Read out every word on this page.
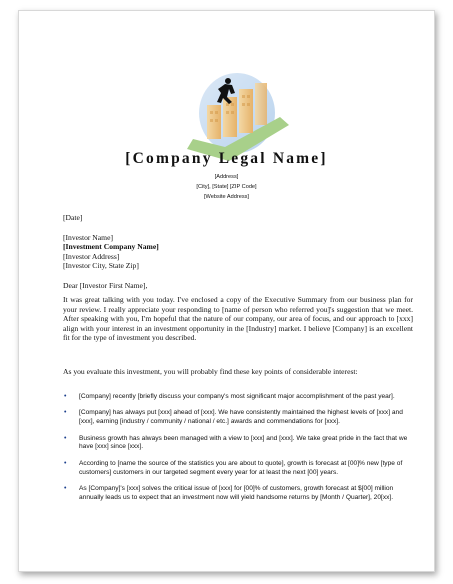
[Company Legal Name]
[Address]
[City], [State] [ZIP Code]
[Website Address]
[Date]
[Investor Name]
[Investment Company Name]
[Investor Address]
[Investor City, State Zip]
Dear [Investor First Name],
It was great talking with you today. I've enclosed a copy of the Executive Summary from our business plan for your review. I really appreciate your responding to [name of person who referred you]'s suggestion that we meet. After speaking with you, I'm hopeful that the nature of our company, our area of focus, and our approach to [xxx] align with your interest in an investment opportunity in the [Industry] market. I believe [Company] is an excellent fit for the type of investment you described.
As you evaluate this investment, you will probably find these key points of considerable interest:
• [Company] recently [briefly discuss your company's most significant major accomplishment of the past year].
• [Company] has always put [xxx] ahead of [xxx]. We have consistently maintained the highest levels of [xxx] and [xxx], earning [industry / community / national / etc.] awards and commendations for [xxx].
• Business growth has always been managed with a view to [xxx] and [xxx]. We take great pride in the fact that we have [xxx] since [xxx].
• According to [name the source of the statistics you are about to quote], growth is forecast at [00]% new [type of customers] customers in our targeted segment every year for at least the next [00] years.
• As [Company]'s [xxx] solves the critical issue of [xxx] for [00]% of customers, growth forecast at $[00] million annually leads us to expect that an investment now will yield handsome returns by [Month / Quarter], 20[xx].
